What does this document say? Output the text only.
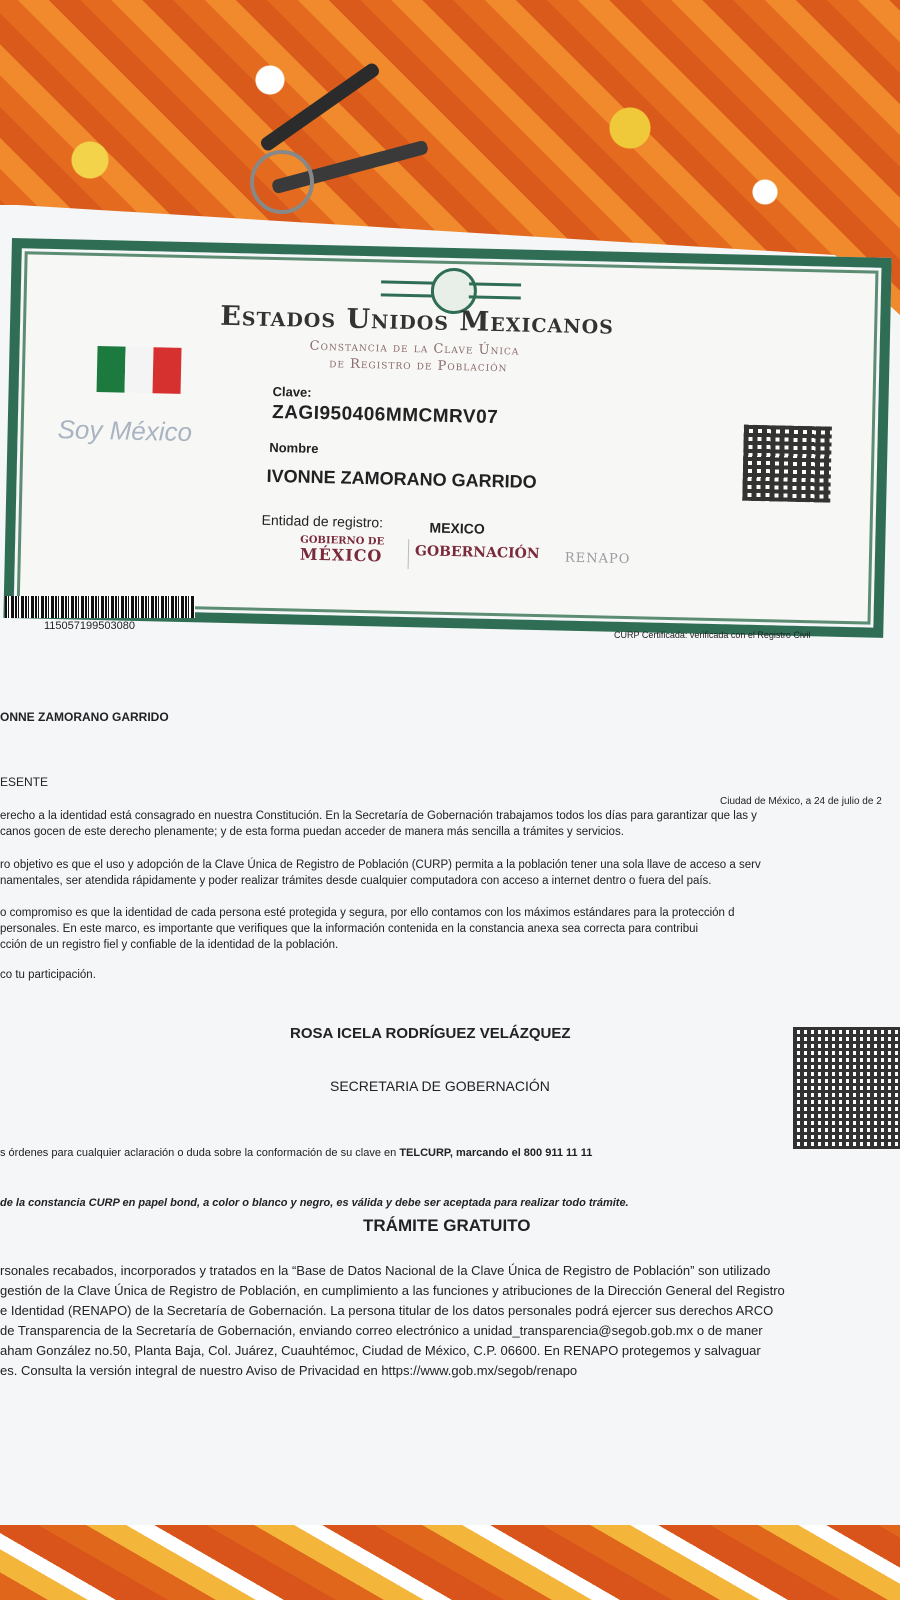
Estados Unidos Mexicanos
Constancia de la Clave Única
de Registro de Población
Soy México
Clave:
ZAGI950406MMCMRV07
Nombre
IVONNE ZAMORANO GARRIDO
Entidad de registro:	MEXICO
GOBIERNO DE
MÉXICO GOBERNACIÓN RENAPO
115057199503080
CURP Certificada: verificada con el Registro Civil
ONNE ZAMORANO GARRIDO
ESENTE
Ciudad de México, a 24 de julio de 2
erecho a la identidad está consagrado en nuestra Constitución. En la Secretaría de Gobernación trabajamos todos los días para garantizar que las y
canos gocen de este derecho plenamente; y de esta forma puedan acceder de manera más sencilla a trámites y servicios.
ro objetivo es que el uso y adopción de la Clave Única de Registro de Población (CURP) permita a la población tener una sola llave de acceso a serv
namentales, ser atendida rápidamente y poder realizar trámites desde cualquier computadora con acceso a internet dentro o fuera del país.
o compromiso es que la identidad de cada persona esté protegida y segura, por ello contamos con los máximos estándares para la protección d
personales. En este marco, es importante que verifiques que la información contenida en la constancia anexa sea correcta para contribui
cción de un registro fiel y confiable de la identidad de la población.
co tu participación.
ROSA ICELA RODRÍGUEZ VELÁZQUEZ
SECRETARIA DE GOBERNACIÓN
s órdenes para cualquier aclaración o duda sobre la conformación de su clave en TELCURP, marcando el 800 911 11 11
de la constancia CURP en papel bond, a color o blanco y negro, es válida y debe ser aceptada para realizar todo trámite.
TRÁMITE GRATUITO
rsonales recabados, incorporados y tratados en la “Base de Datos Nacional de la Clave Única de Registro de Población” son utilizado
gestión de la Clave Única de Registro de Población, en cumplimiento a las funciones y atribuciones de la Dirección General del Registro
e Identidad (RENAPO) de la Secretaría de Gobernación. La persona titular de los datos personales podrá ejercer sus derechos ARCO
de Transparencia de la Secretaría de Gobernación, enviando correo electrónico a unidad_transparencia@segob.gob.mx o de maner
aham González no.50, Planta Baja, Col. Juárez, Cuauhtémoc, Ciudad de México, C.P. 06600. En RENAPO protegemos y salvaguar
es. Consulta la versión integral de nuestro Aviso de Privacidad en https://www.gob.mx/segob/renapo
